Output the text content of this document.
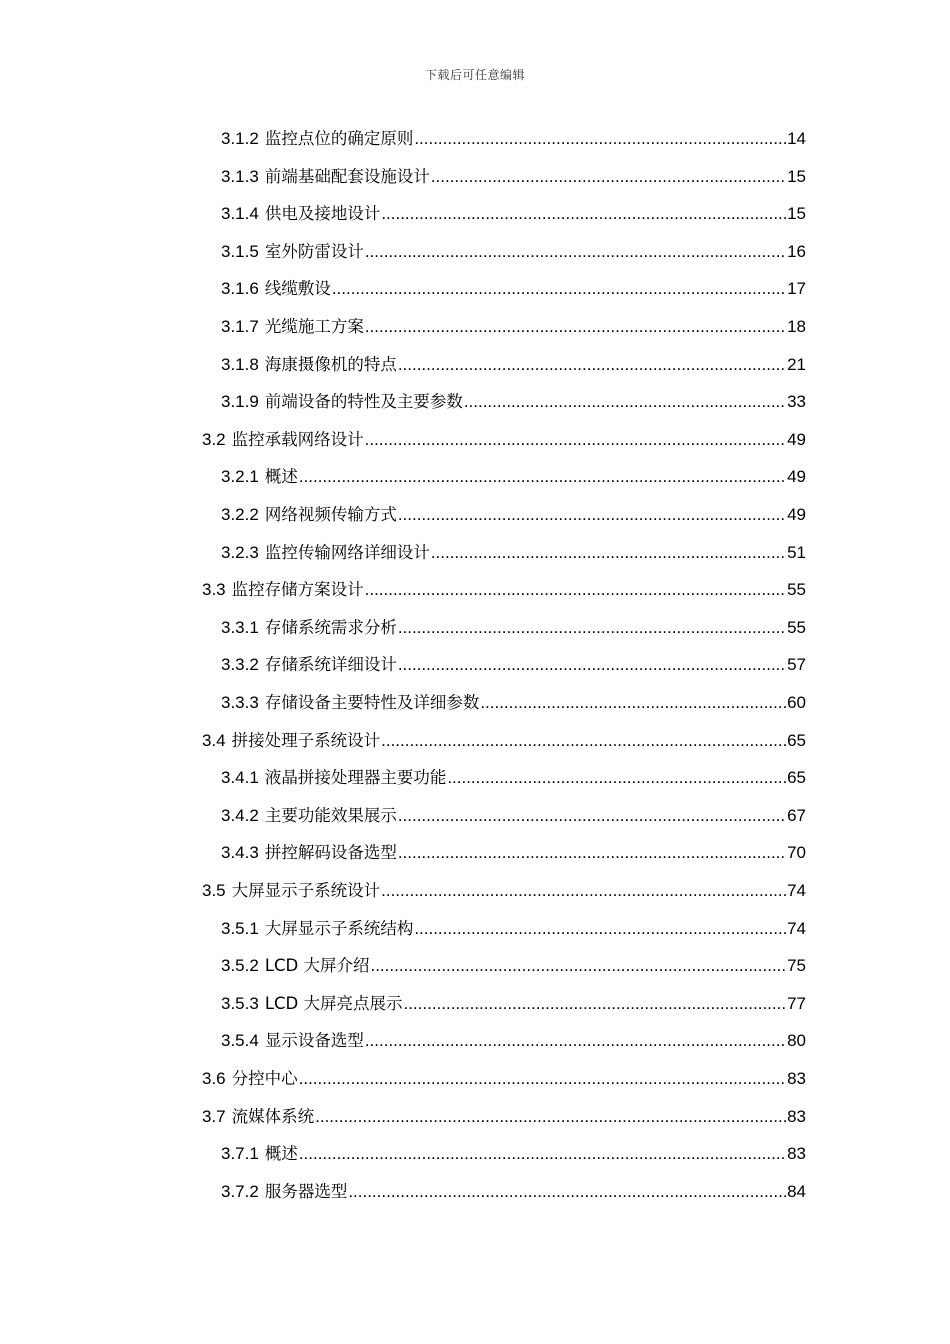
下载后可任意编辑
3.1.2 监控点位的确定原则 .....	14
3.1.3 前端基础配套设施设计 .....	15
3.1.4 供电及接地设计 .....	15
3.1.5 室外防雷设计 .....	16
3.1.6 线缆敷设 .....	17
3.1.7 光缆施工方案 .....	18
3.1.8 海康摄像机的特点 .....	21
3.1.9 前端设备的特性及主要参数 .....	33
3.2 监控承载网络设计 .....	49
3.2.1 概述 .....	49
3.2.2 网络视频传输方式 .....	49
3.2.3 监控传输网络详细设计 .....	51
3.3 监控存储方案设计 .....	55
3.3.1 存储系统需求分析 .....	55
3.3.2 存储系统详细设计 .....	57
3.3.3 存储设备主要特性及详细参数 .....	60
3.4 拼接处理子系统设计 .....	65
3.4.1 液晶拼接处理器主要功能 .....	65
3.4.2 主要功能效果展示 .....	67
3.4.3 拼控解码设备选型 .....	70
3.5 大屏显示子系统设计 .....	74
3.5.1 大屏显示子系统结构 .....	74
3.5.2 LCD 大屏介绍 .....	75
3.5.3 LCD 大屏亮点展示 .....	77
3.5.4 显示设备选型 .....	80
3.6 分控中心 .....	83
3.7 流媒体系统 .....	83
3.7.1 概述 .....	83
3.7.2 服务器选型 .....	84
